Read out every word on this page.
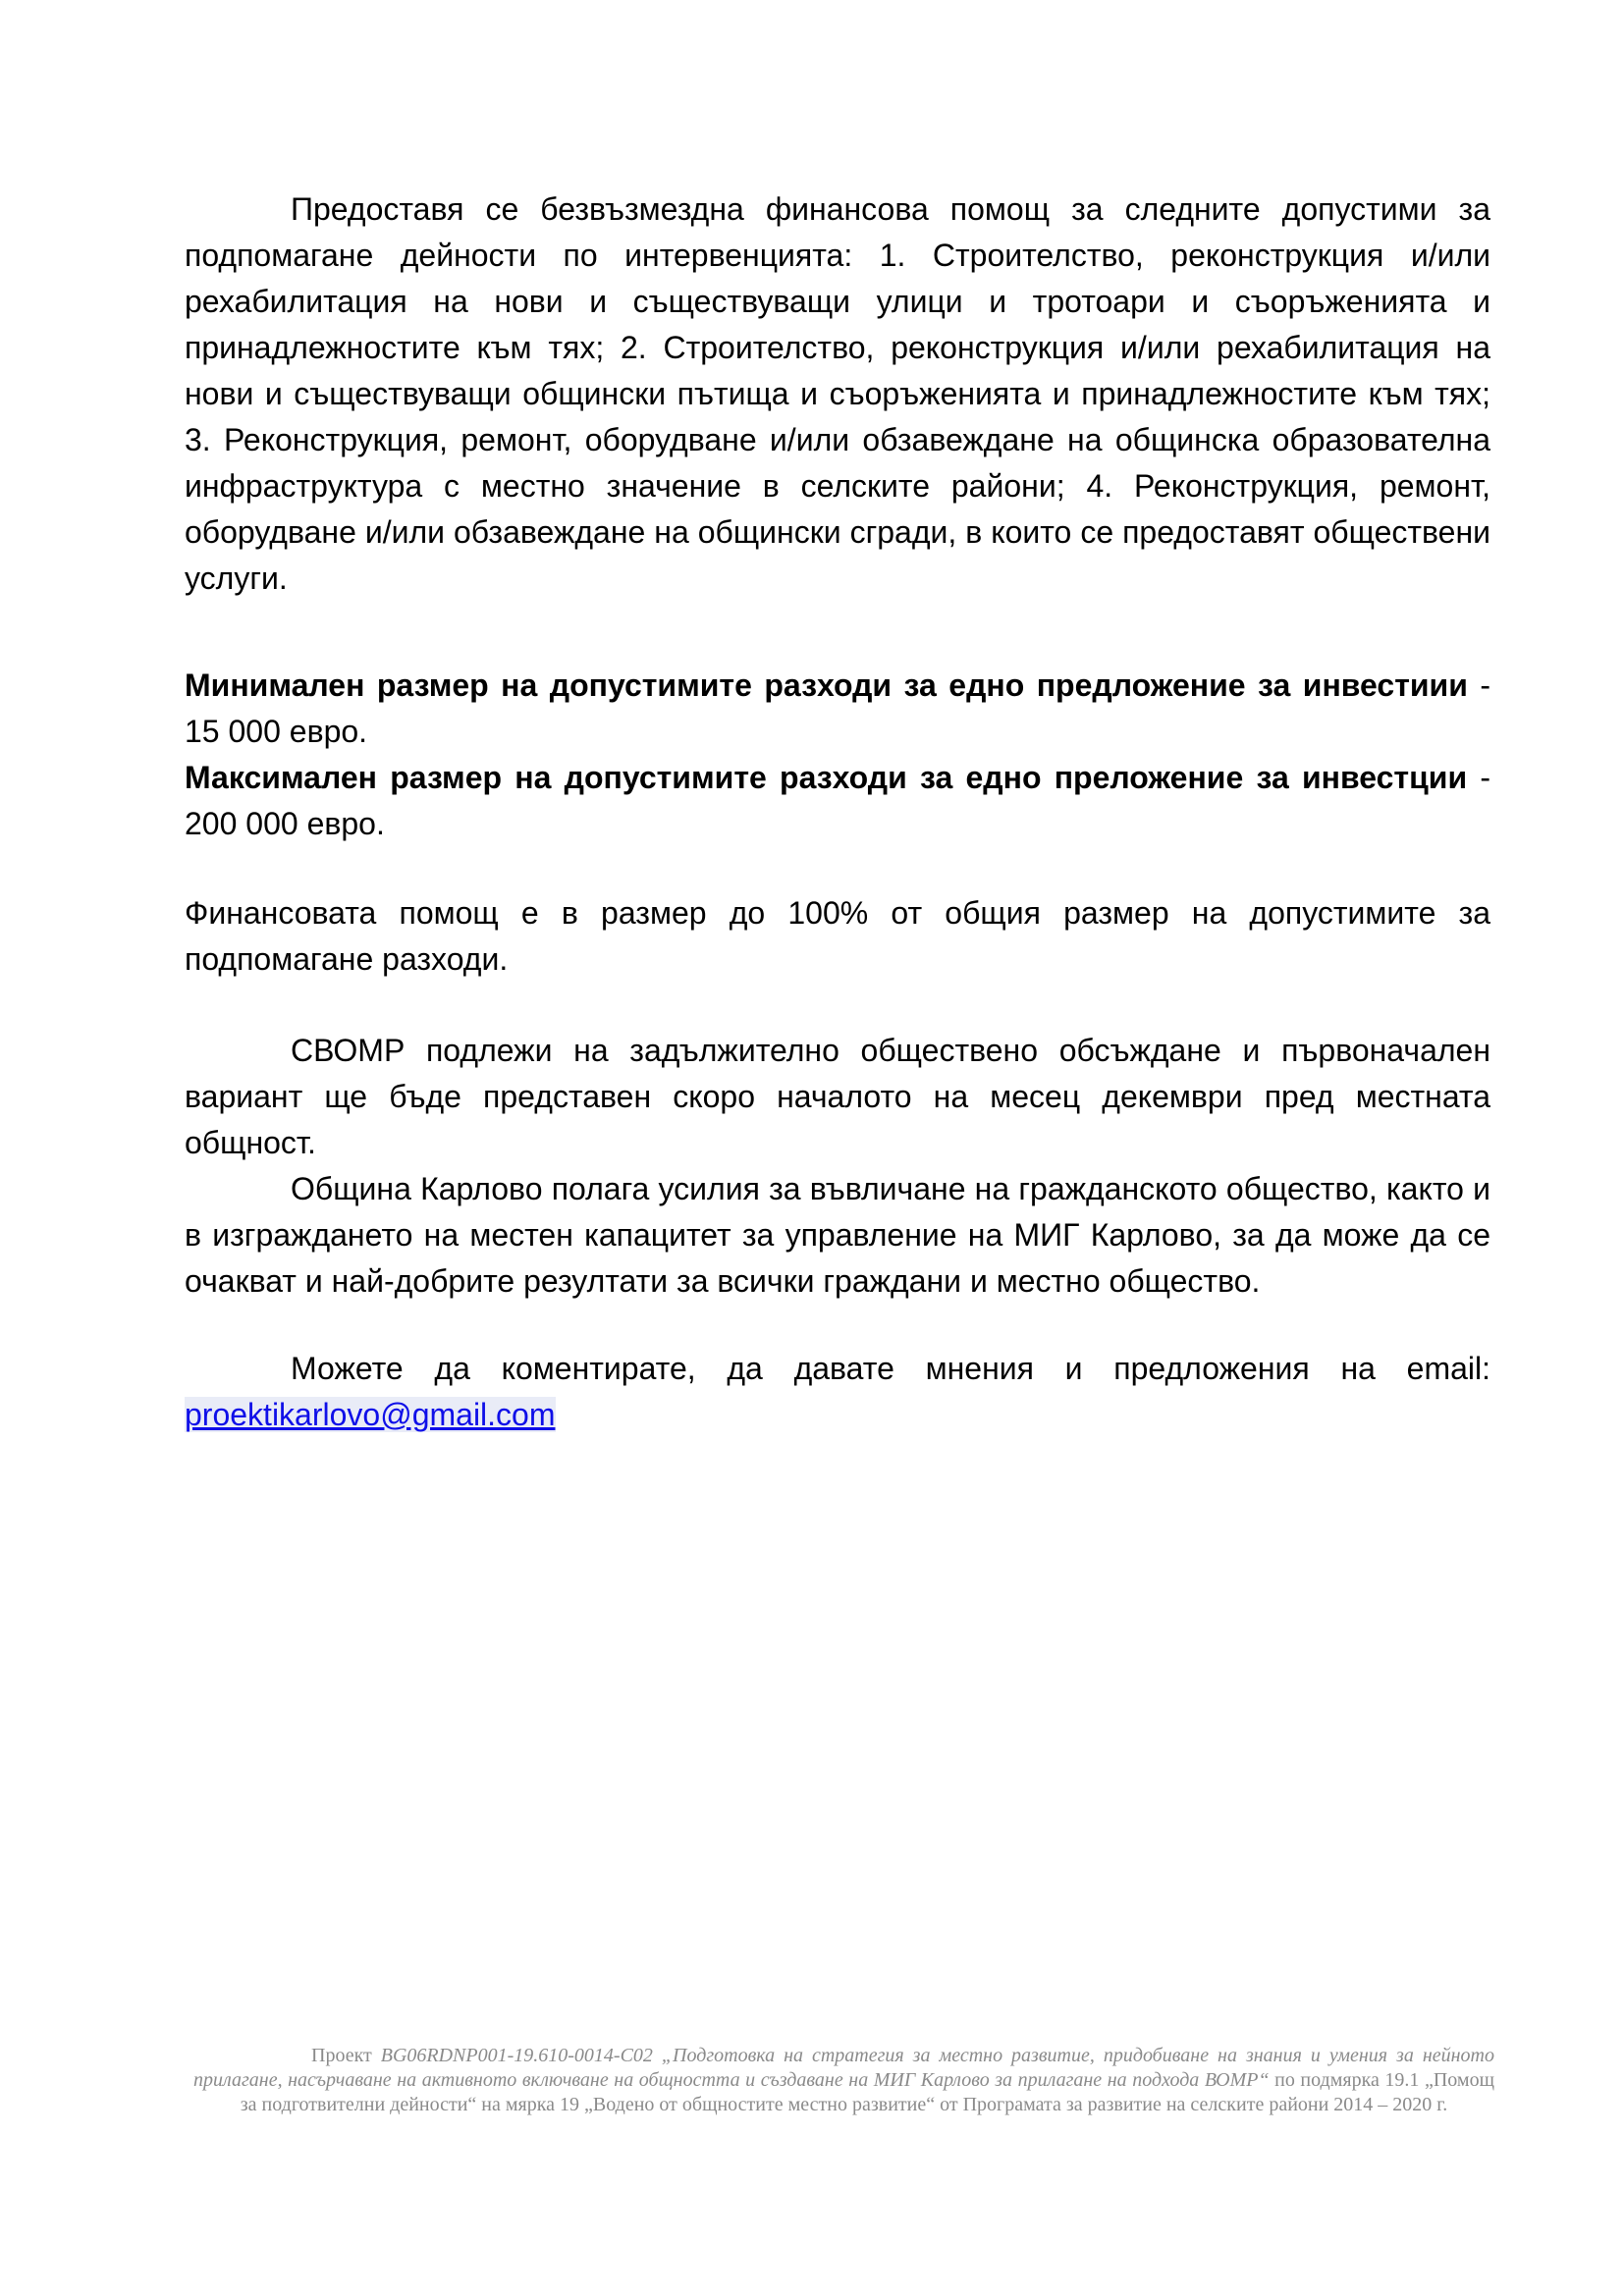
Предоставя се безвъзмездна финансова помощ за следните допустими за подпомагане дейности по интервенцията: 1. Строителство, реконструкция и/или рехабилитация на нови и съществуващи улици и тротоари и съоръженията и принадлежностите към тях; 2. Строителство, реконструкция и/или рехабилитация на нови и съществуващи общински пътища и съоръженията и принадлежностите към тях; 3. Реконструкция, ремонт, оборудване и/или обзавеждане на общинска образователна инфраструктура с местно значение в селските райони; 4. Реконструкция, ремонт, оборудване и/или обзавеждане на общински сгради, в които се предоставят обществени услуги.

Минимален размер на допустимите разходи за едно предложение за инвестиии - 15 000 евро.

Максимален размер на допустимите разходи за едно преложение за инвестции - 200 000 евро.

Финансовата помощ е в размер до 100% от общия размер на допустимите за подпомагане разходи.

СВОМР подлежи на задължително обществено обсъждане и първоначален вариант ще бъде представен скоро началото на месец декември пред местната общност.

Община Карлово полага усилия за въвличане на гражданското общество, както и в изграждането на местен капацитет за управление на МИГ Карлово, за да може да се очакват и най-добрите резултати за всички граждани и местно общество.

Можете да коментирате, да давате мнения и предложения на email: proektikarlovo@gmail.com

Проект BG06RDNP001-19.610-0014-C02 „Подготовка на стратегия за местно развитие, придобиване на знания и умения за нейното прилагане, насърчаване на активното включване на общността и създаване на МИГ Карлово за прилагане на подхода ВОМР“ по подмярка 19.1 „Помощ за подготвителни дейности“ на мярка 19 „Водено от общностите местно развитие“ от Програмата за развитие на селските райони 2014 – 2020 г.
